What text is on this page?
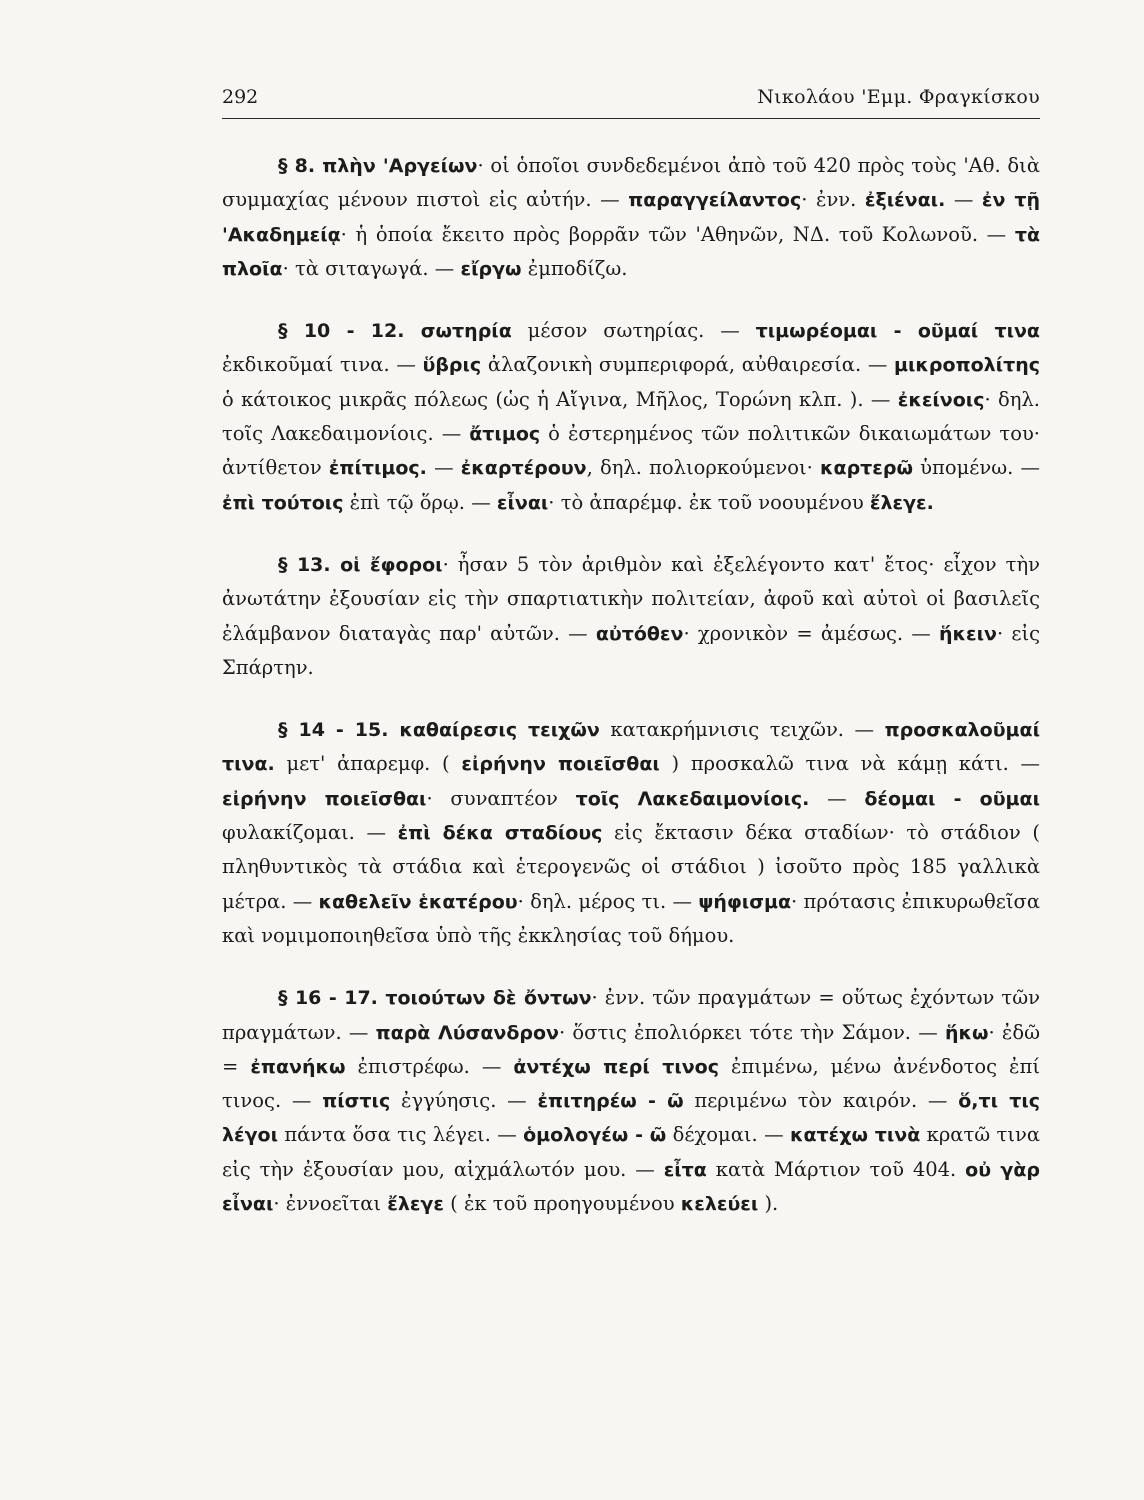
292	Νικολάου 'Εμμ. Φραγκίσκου

§ 8. πλὴν 'Αργείων· οἱ ὁποῖοι συνδεδεμένοι ἀπὸ τοῦ 420 πρὸς τοὺς 'Αθ. διὰ συμμαχίας μένουν πιστοὶ εἰς αὐτήν. — παραγγείλαντος· ἐνν. ἐξιέναι. — ἐν τῇ 'Ακαδημείᾳ· ἡ ὁποία ἔκειτο πρὸς βορρᾶν τῶν 'Αθηνῶν, ΝΔ. τοῦ Κολωνοῦ. — τὰ πλοῖα· τὰ σιταγωγά. — εἴργω ἐμποδίζω.

§ 10 - 12. σωτηρία μέσον σωτηρίας. — τιμωρέομαι - οῦμαί τινα ἐκδικοῦμαί τινα. — ὕβρις ἀλαζονικὴ συμπεριφορά, αὐθαιρεσία. — μικροπολίτης ὁ κάτοικος μικρᾶς πόλεως (ὡς ἡ Αἴγινα, Μῆλος, Τορώνη κλπ. ). — ἐκείνοις· δηλ. τοῖς Λακεδαιμονίοις. — ἄτιμος ὁ ἐστερημένος τῶν πολιτικῶν δικαιωμάτων του· ἀντίθετον ἐπίτιμος. — ἐκαρτέρουν, δηλ. πολιορκούμενοι· καρτερῶ ὑπομένω. — ἐπὶ τούτοις ἐπὶ τῷ ὅρῳ. — εἶναι· τὸ ἀπαρέμφ. ἐκ τοῦ νοουμένου ἔλεγε.

§ 13. οἱ ἔφοροι· ἦσαν 5 τὸν ἀριθμὸν καὶ ἐξελέγοντο κατ' ἔτος· εἶχον τὴν ἀνωτάτην ἐξουσίαν εἰς τὴν σπαρτιατικὴν πολιτείαν, ἀφοῦ καὶ αὐτοὶ οἱ βασιλεῖς ἐλάμβανον διαταγὰς παρ' αὐτῶν. — αὐτόθεν· χρονικὸν = ἀμέσως. — ἥκειν· εἰς Σπάρτην.

§ 14 - 15. καθαίρεσις τειχῶν κατακρήμνισις τειχῶν. — προσκαλοῦμαί τινα. μετ' ἀπαρεμφ. ( εἰρήνην ποιεῖσθαι ) προσκαλῶ τινα νὰ κάμῃ κάτι. — εἰρήνην ποιεῖσθαι· συναπτέον τοῖς Λακεδαιμονίοις. — δέομαι - οῦμαι φυλακίζομαι. — ἐπὶ δέκα σταδίους εἰς ἔκτασιν δέκα σταδίων· τὸ στάδιον ( πληθυντικὸς τὰ στάδια καὶ ἑτερογενῶς οἱ στάδιοι ) ἰσοῦτο πρὸς 185 γαλλικὰ μέτρα. — καθελεῖν ἑκατέρου· δηλ. μέρος τι. — ψήφισμα· πρότασις ἐπικυρωθεῖσα καὶ νομιμοποιηθεῖσα ὑπὸ τῆς ἐκκλησίας τοῦ δήμου.

§ 16 - 17. τοιούτων δὲ ὄντων· ἐνν. τῶν πραγμάτων = οὕτως ἐχόντων τῶν πραγμάτων. — παρὰ Λύσανδρον· ὅστις ἐπολιόρκει τότε τὴν Σάμον. — ἥκω· ἐδῶ = ἐπανήκω ἐπιστρέφω. — ἀντέχω περί τινος ἐπιμένω, μένω ἀνένδοτος ἐπί τινος. — πίστις ἐγγύησις. — ἐπιτηρέω - ῶ περιμένω τὸν καιρόν. — ὅ,τι τις λέγοι πάντα ὅσα τις λέγει. — ὁμολογέω - ῶ δέχομαι. — κατέχω τινὰ κρατῶ τινα εἰς τὴν ἐξουσίαν μου, αἰχμάλωτόν μου. — εἶτα κατὰ Μάρτιον τοῦ 404. οὐ γὰρ εἶναι· ἐννοεῖται ἔλεγε ( ἐκ τοῦ προηγουμένου κελεύει ).
